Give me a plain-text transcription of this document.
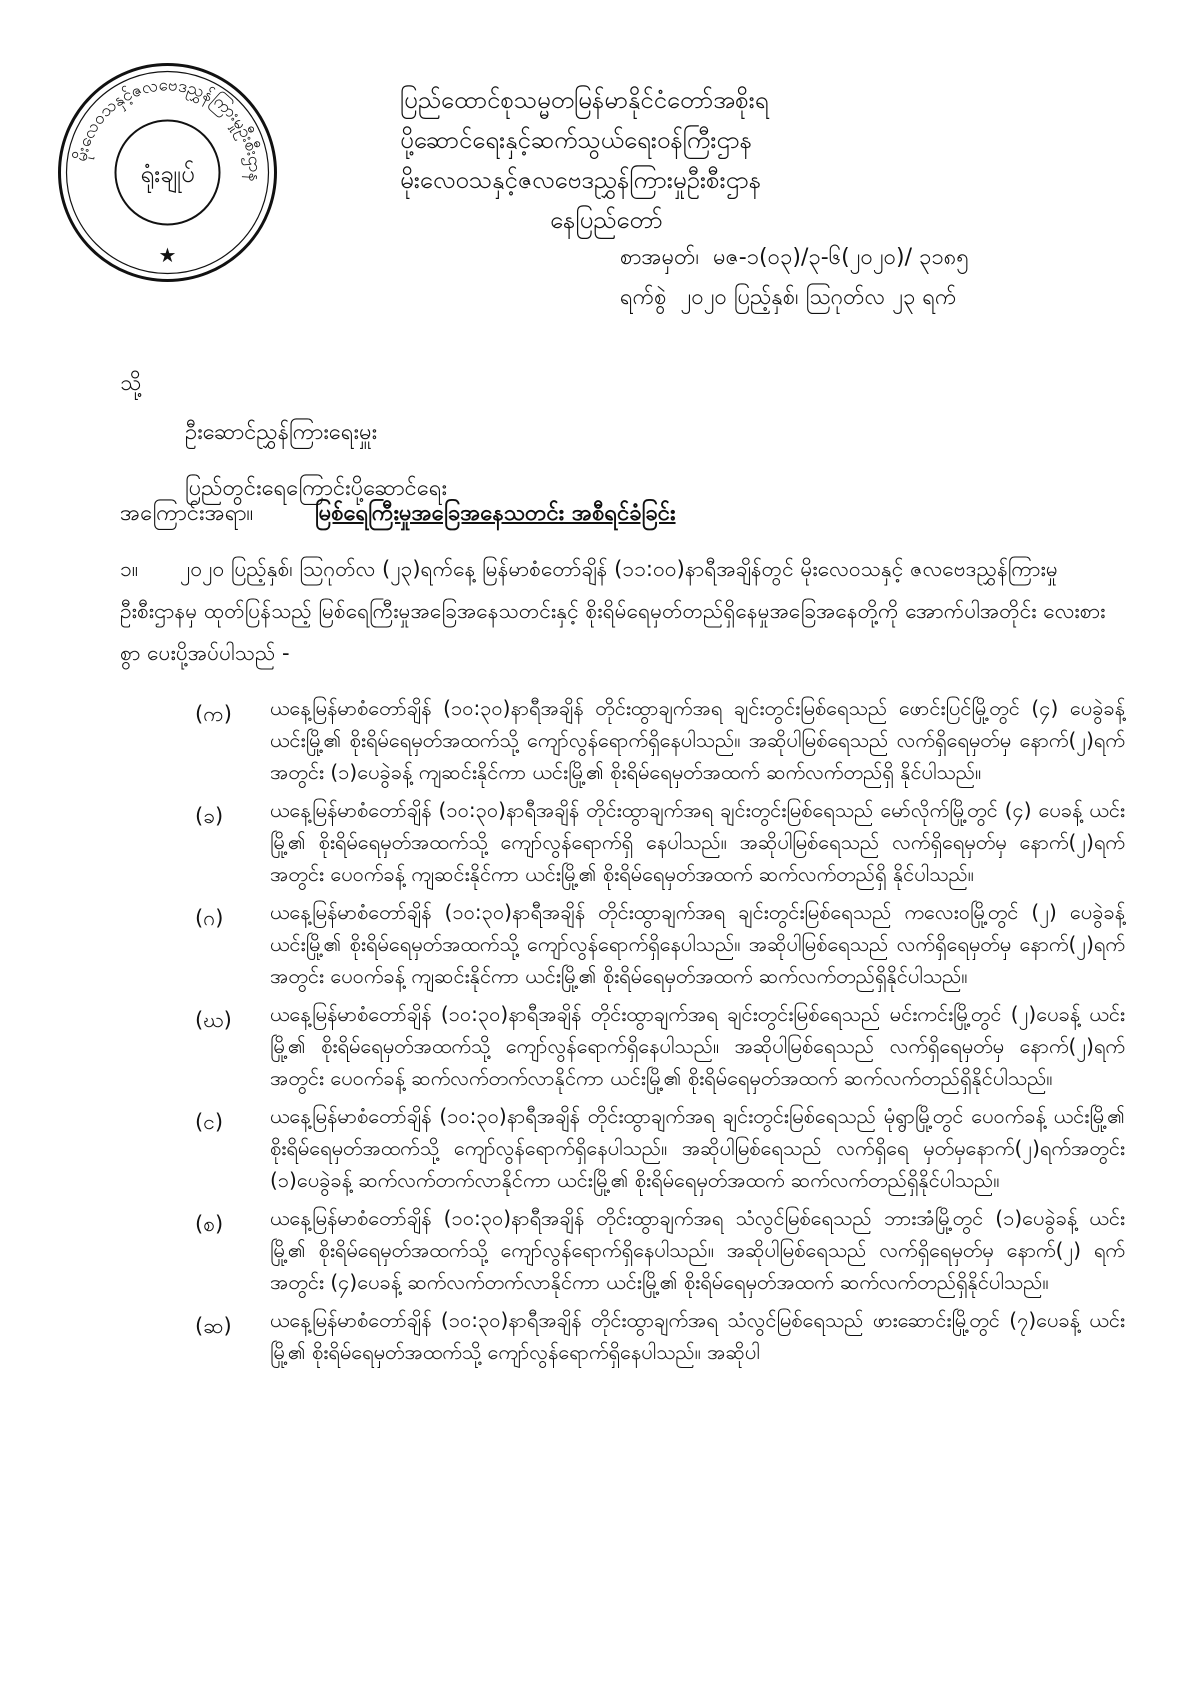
မိုးလေဝသနှင့်ဇလဗေဒညွှန်ကြားမှုဦးစီးဌာန
ရုံးချုပ်
★
ပြည်ထောင်စုသမ္မတမြန်မာနိုင်ငံတော်အစိုးရ
ပို့ဆောင်ရေးနှင့်ဆက်သွယ်ရေးဝန်ကြီးဌာန
မိုးလေဝသနှင့်ဇလဗေဒညွှန်ကြားမှုဦးစီးဌာန
နေပြည်တော်
စာအမှတ်၊ မဇ-၁(၀၃)/၃-၆(၂၀၂၀)/ ၃၁၈၅
ရက်စွဲ ၂၀၂၀ ပြည့်နှစ်၊ ဩဂုတ်လ ၂၃ ရက်
သို့
ဦးဆောင်ညွှန်ကြားရေးမှူး
ပြည်တွင်းရေကြောင်းပို့ဆောင်ရေး
အကြောင်းအရာ။	မြစ်ရေကြီးမှုအခြေအနေသတင်း အစီရင်ခံခြင်း
၁။ ၂၀၂၀ ပြည့်နှစ်၊ ဩဂုတ်လ (၂၃)ရက်နေ့ မြန်မာစံတော်ချိန် (၁၁:၀၀)နာရီအချိန်တွင် မိုးလေဝသနှင့် ဇလဗေဒညွှန်ကြားမှုဦးစီးဌာနမှ ထုတ်ပြန်သည့် မြစ်ရေကြီးမှုအခြေအနေသတင်းနှင့် စိုးရိမ်ရေမှတ်တည်ရှိနေမှုအခြေအနေတို့ကို အောက်ပါအတိုင်း လေးစားစွာ ပေးပို့အပ်ပါသည် -
(က)	ယနေ့မြန်မာစံတော်ချိန် (၁၀:၃၀)နာရီအချိန် တိုင်းထွာချက်အရ ချင်းတွင်းမြစ်ရေသည် ဖောင်းပြင်မြို့တွင် (၄) ပေခွဲခန့် ယင်းမြို့၏ စိုးရိမ်ရေမှတ်အထက်သို့ ကျော်လွန်ရောက်ရှိနေပါသည်။ အဆိုပါမြစ်ရေသည် လက်ရှိရေမှတ်မှ နောက်(၂)ရက်အတွင်း (၁)ပေခွဲခန့် ကျဆင်းနိုင်ကာ ယင်းမြို့၏ စိုးရိမ်ရေမှတ်အထက် ဆက်လက်တည်ရှိ နိုင်ပါသည်။
(ခ)	ယနေ့မြန်မာစံတော်ချိန် (၁၀:၃၀)နာရီအချိန် တိုင်းထွာချက်အရ ချင်းတွင်းမြစ်ရေသည် မော်လိုက်မြို့တွင် (၄) ပေခန့် ယင်းမြို့၏ စိုးရိမ်ရေမှတ်အထက်သို့ ကျော်လွန်ရောက်ရှိ နေပါသည်။ အဆိုပါမြစ်ရေသည် လက်ရှိရေမှတ်မှ နောက်(၂)ရက်အတွင်း ပေဝက်ခန့် ကျဆင်းနိုင်ကာ ယင်းမြို့၏ စိုးရိမ်ရေမှတ်အထက် ဆက်လက်တည်ရှိ နိုင်ပါသည်။
(ဂ)	ယနေ့မြန်မာစံတော်ချိန် (၁၀:၃၀)နာရီအချိန် တိုင်းထွာချက်အရ ချင်းတွင်းမြစ်ရေသည် ကလေးဝမြို့တွင် (၂) ပေခွဲခန့် ယင်းမြို့၏ စိုးရိမ်ရေမှတ်အထက်သို့ ကျော်လွန်ရောက်ရှိနေပါသည်။ အဆိုပါမြစ်ရေသည် လက်ရှိရေမှတ်မှ နောက်(၂)ရက်အတွင်း ပေဝက်ခန့် ကျဆင်းနိုင်ကာ ယင်းမြို့၏ စိုးရိမ်ရေမှတ်အထက် ဆက်လက်တည်ရှိနိုင်ပါသည်။
(ဃ)	ယနေ့မြန်မာစံတော်ချိန် (၁၀:၃၀)နာရီအချိန် တိုင်းထွာချက်အရ ချင်းတွင်းမြစ်ရေသည် မင်းကင်းမြို့တွင် (၂)ပေခန့် ယင်းမြို့၏ စိုးရိမ်ရေမှတ်အထက်သို့ ကျော်လွန်ရောက်ရှိနေပါသည်။ အဆိုပါမြစ်ရေသည် လက်ရှိရေမှတ်မှ နောက်(၂)ရက်အတွင်း ပေဝက်ခန့် ဆက်လက်တက်လာနိုင်ကာ ယင်းမြို့၏ စိုးရိမ်ရေမှတ်အထက် ဆက်လက်တည်ရှိနိုင်ပါသည်။
(င)	ယနေ့မြန်မာစံတော်ချိန် (၁၀:၃၀)နာရီအချိန် တိုင်းထွာချက်အရ ချင်းတွင်းမြစ်ရေသည် မုံရွာမြို့တွင် ပေဝက်ခန့် ယင်းမြို့၏ စိုးရိမ်ရေမှတ်အထက်သို့ ကျော်လွန်ရောက်ရှိနေပါသည်။ အဆိုပါမြစ်ရေသည် လက်ရှိရေ မှတ်မှနောက်(၂)ရက်အတွင်း (၁)ပေခွဲခန့် ဆက်လက်တက်လာနိုင်ကာ ယင်းမြို့၏ စိုးရိမ်ရေမှတ်အထက် ဆက်လက်တည်ရှိနိုင်ပါသည်။
(စ)	ယနေ့မြန်မာစံတော်ချိန် (၁၀:၃၀)နာရီအချိန် တိုင်းထွာချက်အရ သံလွင်မြစ်ရေသည် ဘားအံမြို့တွင် (၁)ပေခွဲခန့် ယင်းမြို့၏ စိုးရိမ်ရေမှတ်အထက်သို့ ကျော်လွန်ရောက်ရှိနေပါသည်။ အဆိုပါမြစ်ရေသည် လက်ရှိရေမှတ်မှ နောက်(၂) ရက်အတွင်း (၄)ပေခန့် ဆက်လက်တက်လာနိုင်ကာ ယင်းမြို့၏ စိုးရိမ်ရေမှတ်အထက် ဆက်လက်တည်ရှိနိုင်ပါသည်။
(ဆ)	ယနေ့မြန်မာစံတော်ချိန် (၁၀:၃၀)နာရီအချိန် တိုင်းထွာချက်အရ သံလွင်မြစ်ရေသည် ဖားဆောင်းမြို့တွင် (၇)ပေခန့် ယင်းမြို့၏ စိုးရိမ်ရေမှတ်အထက်သို့ ကျော်လွန်ရောက်ရှိနေပါသည်။ အဆိုပါ
